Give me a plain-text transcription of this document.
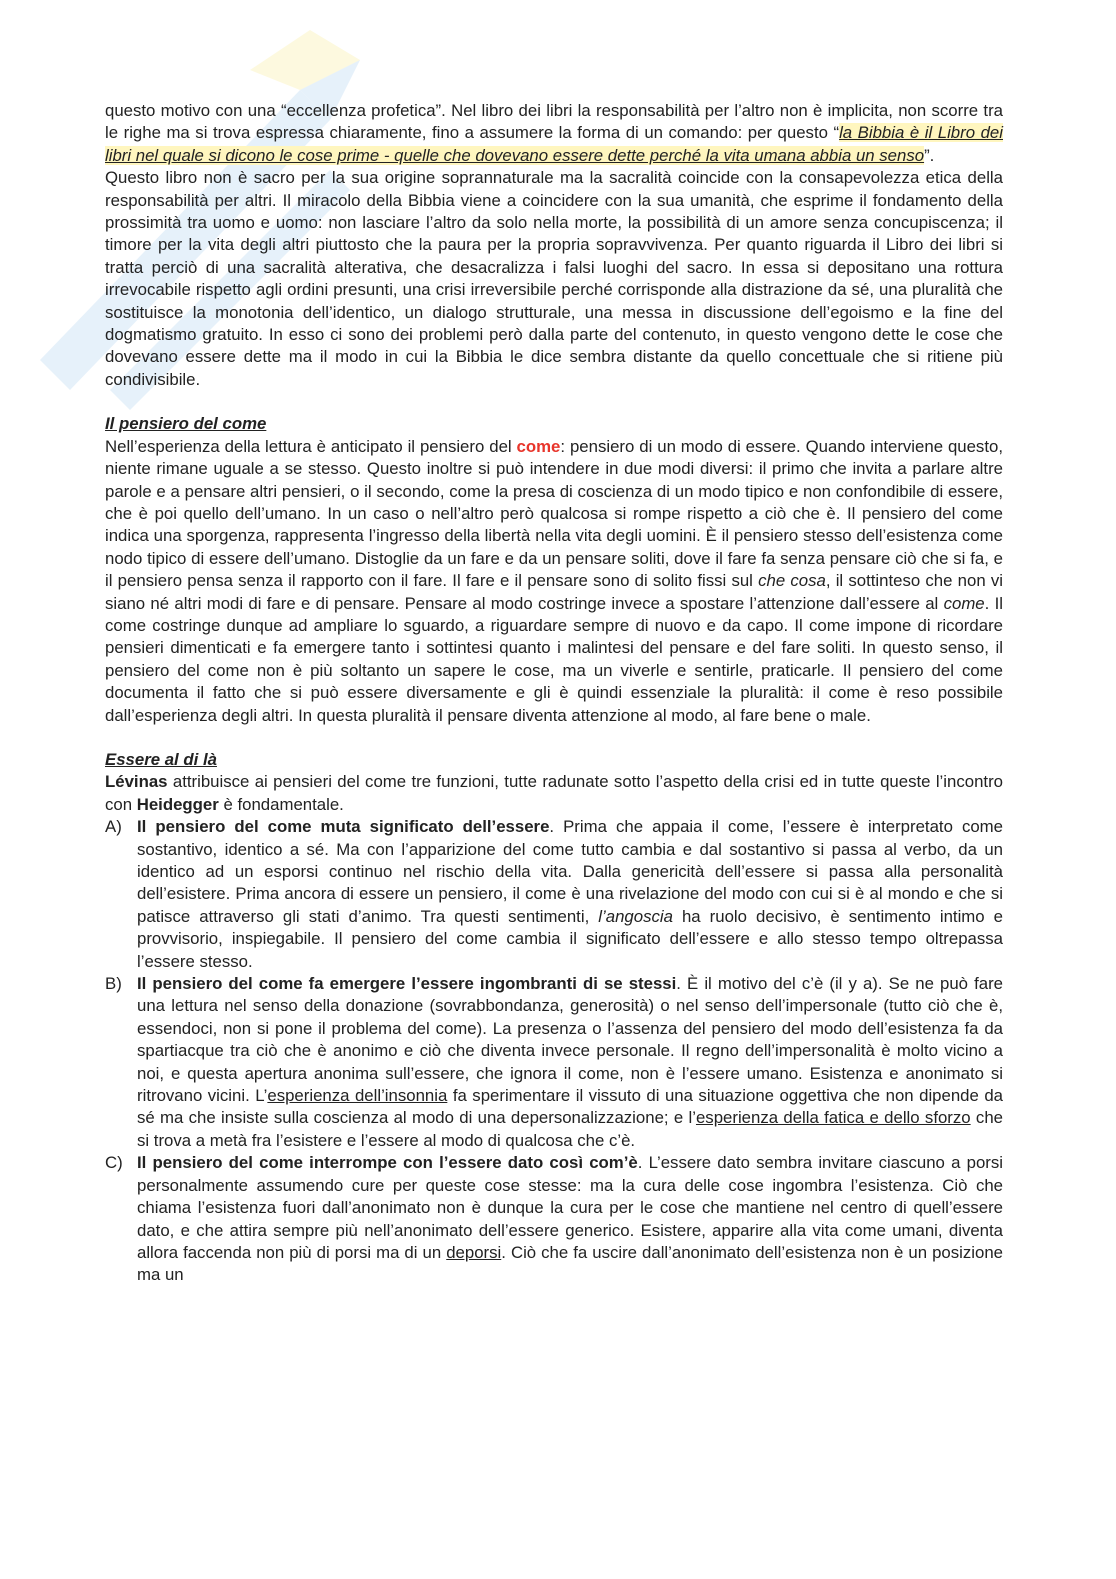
questo motivo con una “eccellenza profetica”. Nel libro dei libri la responsabilità per l’altro non è implicita, non scorre tra le righe ma si trova espressa chiaramente, fino a assumere la forma di un comando: per questo “la Bibbia è il Libro dei libri nel quale si dicono le cose prime - quelle che dovevano essere dette perché la vita umana abbia un senso”.

Questo libro non è sacro per la sua origine soprannaturale ma la sacralità coincide con la consapevolezza etica della responsabilità per altri. Il miracolo della Bibbia viene a coincidere con la sua umanità, che esprime il fondamento della prossimità tra uomo e uomo: non lasciare l’altro da solo nella morte, la possibilità di un amore senza concupiscenza; il timore per la vita degli altri piuttosto che la paura per la propria sopravvivenza. Per quanto riguarda il Libro dei libri si tratta perciò di una sacralità alterativa, che desacralizza i falsi luoghi del sacro. In essa si depositano una rottura irrevocabile rispetto agli ordini presunti, una crisi irreversibile perché corrisponde alla distrazione da sé, una pluralità che sostituisce la monotonia dell’identico, un dialogo strutturale, una messa in discussione dell’egoismo e la fine del dogmatismo gratuito. In esso ci sono dei problemi però dalla parte del contenuto, in questo vengono dette le cose che dovevano essere dette ma il modo in cui la Bibbia le dice sembra distante da quello concettuale che si ritiene più condivisibile.

Il pensiero del come

Nell’esperienza della lettura è anticipato il pensiero del come: pensiero di un modo di essere. Quando interviene questo, niente rimane uguale a se stesso. Questo inoltre si può intendere in due modi diversi: il primo che invita a parlare altre parole e a pensare altri pensieri, o il secondo, come la presa di coscienza di un modo tipico e non confondibile di essere, che è poi quello dell’umano. In un caso o nell’altro però qualcosa si rompe rispetto a ciò che è. Il pensiero del come indica una sporgenza, rappresenta l’ingresso della libertà nella vita degli uomini. È il pensiero stesso dell’esistenza come nodo tipico di essere dell’umano. Distoglie da un fare e da un pensare soliti, dove il fare fa senza pensare ciò che si fa, e il pensiero pensa senza il rapporto con il fare. Il fare e il pensare sono di solito fissi sul che cosa, il sottinteso che non vi siano né altri modi di fare e di pensare. Pensare al modo costringe invece a spostare l’attenzione dall’essere al come. Il come costringe dunque ad ampliare lo sguardo, a riguardare sempre di nuovo e da capo. Il come impone di ricordare pensieri dimenticati e fa emergere tanto i sottintesi quanto i malintesi del pensare e del fare soliti. In questo senso, il pensiero del come non è più soltanto un sapere le cose, ma un viverle e sentirle, praticarle. Il pensiero del come documenta il fatto che si può essere diversamente e gli è quindi essenziale la pluralità: il come è reso possibile dall’esperienza degli altri. In questa pluralità il pensare diventa attenzione al modo, al fare bene o male.

Essere al di là

Lévinas attribuisce ai pensieri del come tre funzioni, tutte radunate sotto l’aspetto della crisi ed in tutte queste l’incontro con Heidegger è fondamentale.

A) Il pensiero del come muta significato dell’essere. Prima che appaia il come, l’essere è interpretato come sostantivo, identico a sé. Ma con l’apparizione del come tutto cambia e dal sostantivo si passa al verbo, da un identico ad un esporsi continuo nel rischio della vita. Dalla genericità dell’essere si passa alla personalità dell’esistere. Prima ancora di essere un pensiero, il come è una rivelazione del modo con cui si è al mondo e che si patisce attraverso gli stati d’animo. Tra questi sentimenti, l’angoscia ha ruolo decisivo, è sentimento intimo e provvisorio, inspiegabile. Il pensiero del come cambia il significato dell’essere e allo stesso tempo oltrepassa l’essere stesso.

B) Il pensiero del come fa emergere l’essere ingombranti di se stessi. È il motivo del c’è (il y a). Se ne può fare una lettura nel senso della donazione (sovrabbondanza, generosità) o nel senso dell’impersonale (tutto ciò che è, essendoci, non si pone il problema del come). La presenza o l’assenza del pensiero del modo dell’esistenza fa da spartiacque tra ciò che è anonimo e ciò che diventa invece personale. Il regno dell’impersonalità è molto vicino a noi, e questa apertura anonima sull’essere, che ignora il come, non è l’essere umano. Esistenza e anonimato si ritrovano vicini. L’esperienza dell’insonnia fa sperimentare il vissuto di una situazione oggettiva che non dipende da sé ma che insiste sulla coscienza al modo di una depersonalizzazione; e l’esperienza della fatica e dello sforzo che si trova a metà fra l’esistere e l’essere al modo di qualcosa che c’è.

C) Il pensiero del come interrompe con l’essere dato così com’è. L’essere dato sembra invitare ciascuno a porsi personalmente assumendo cure per queste cose stesse: ma la cura delle cose ingombra l’esistenza. Ciò che chiama l’esistenza fuori dall’anonimato non è dunque la cura per le cose che mantiene nel centro di quell’essere dato, e che attira sempre più nell’anonimato dell’essere generico. Esistere, apparire alla vita come umani, diventa allora faccenda non più di porsi ma di un deporsi. Ciò che fa uscire dall’anonimato dell’esistenza non è un posizione ma un
